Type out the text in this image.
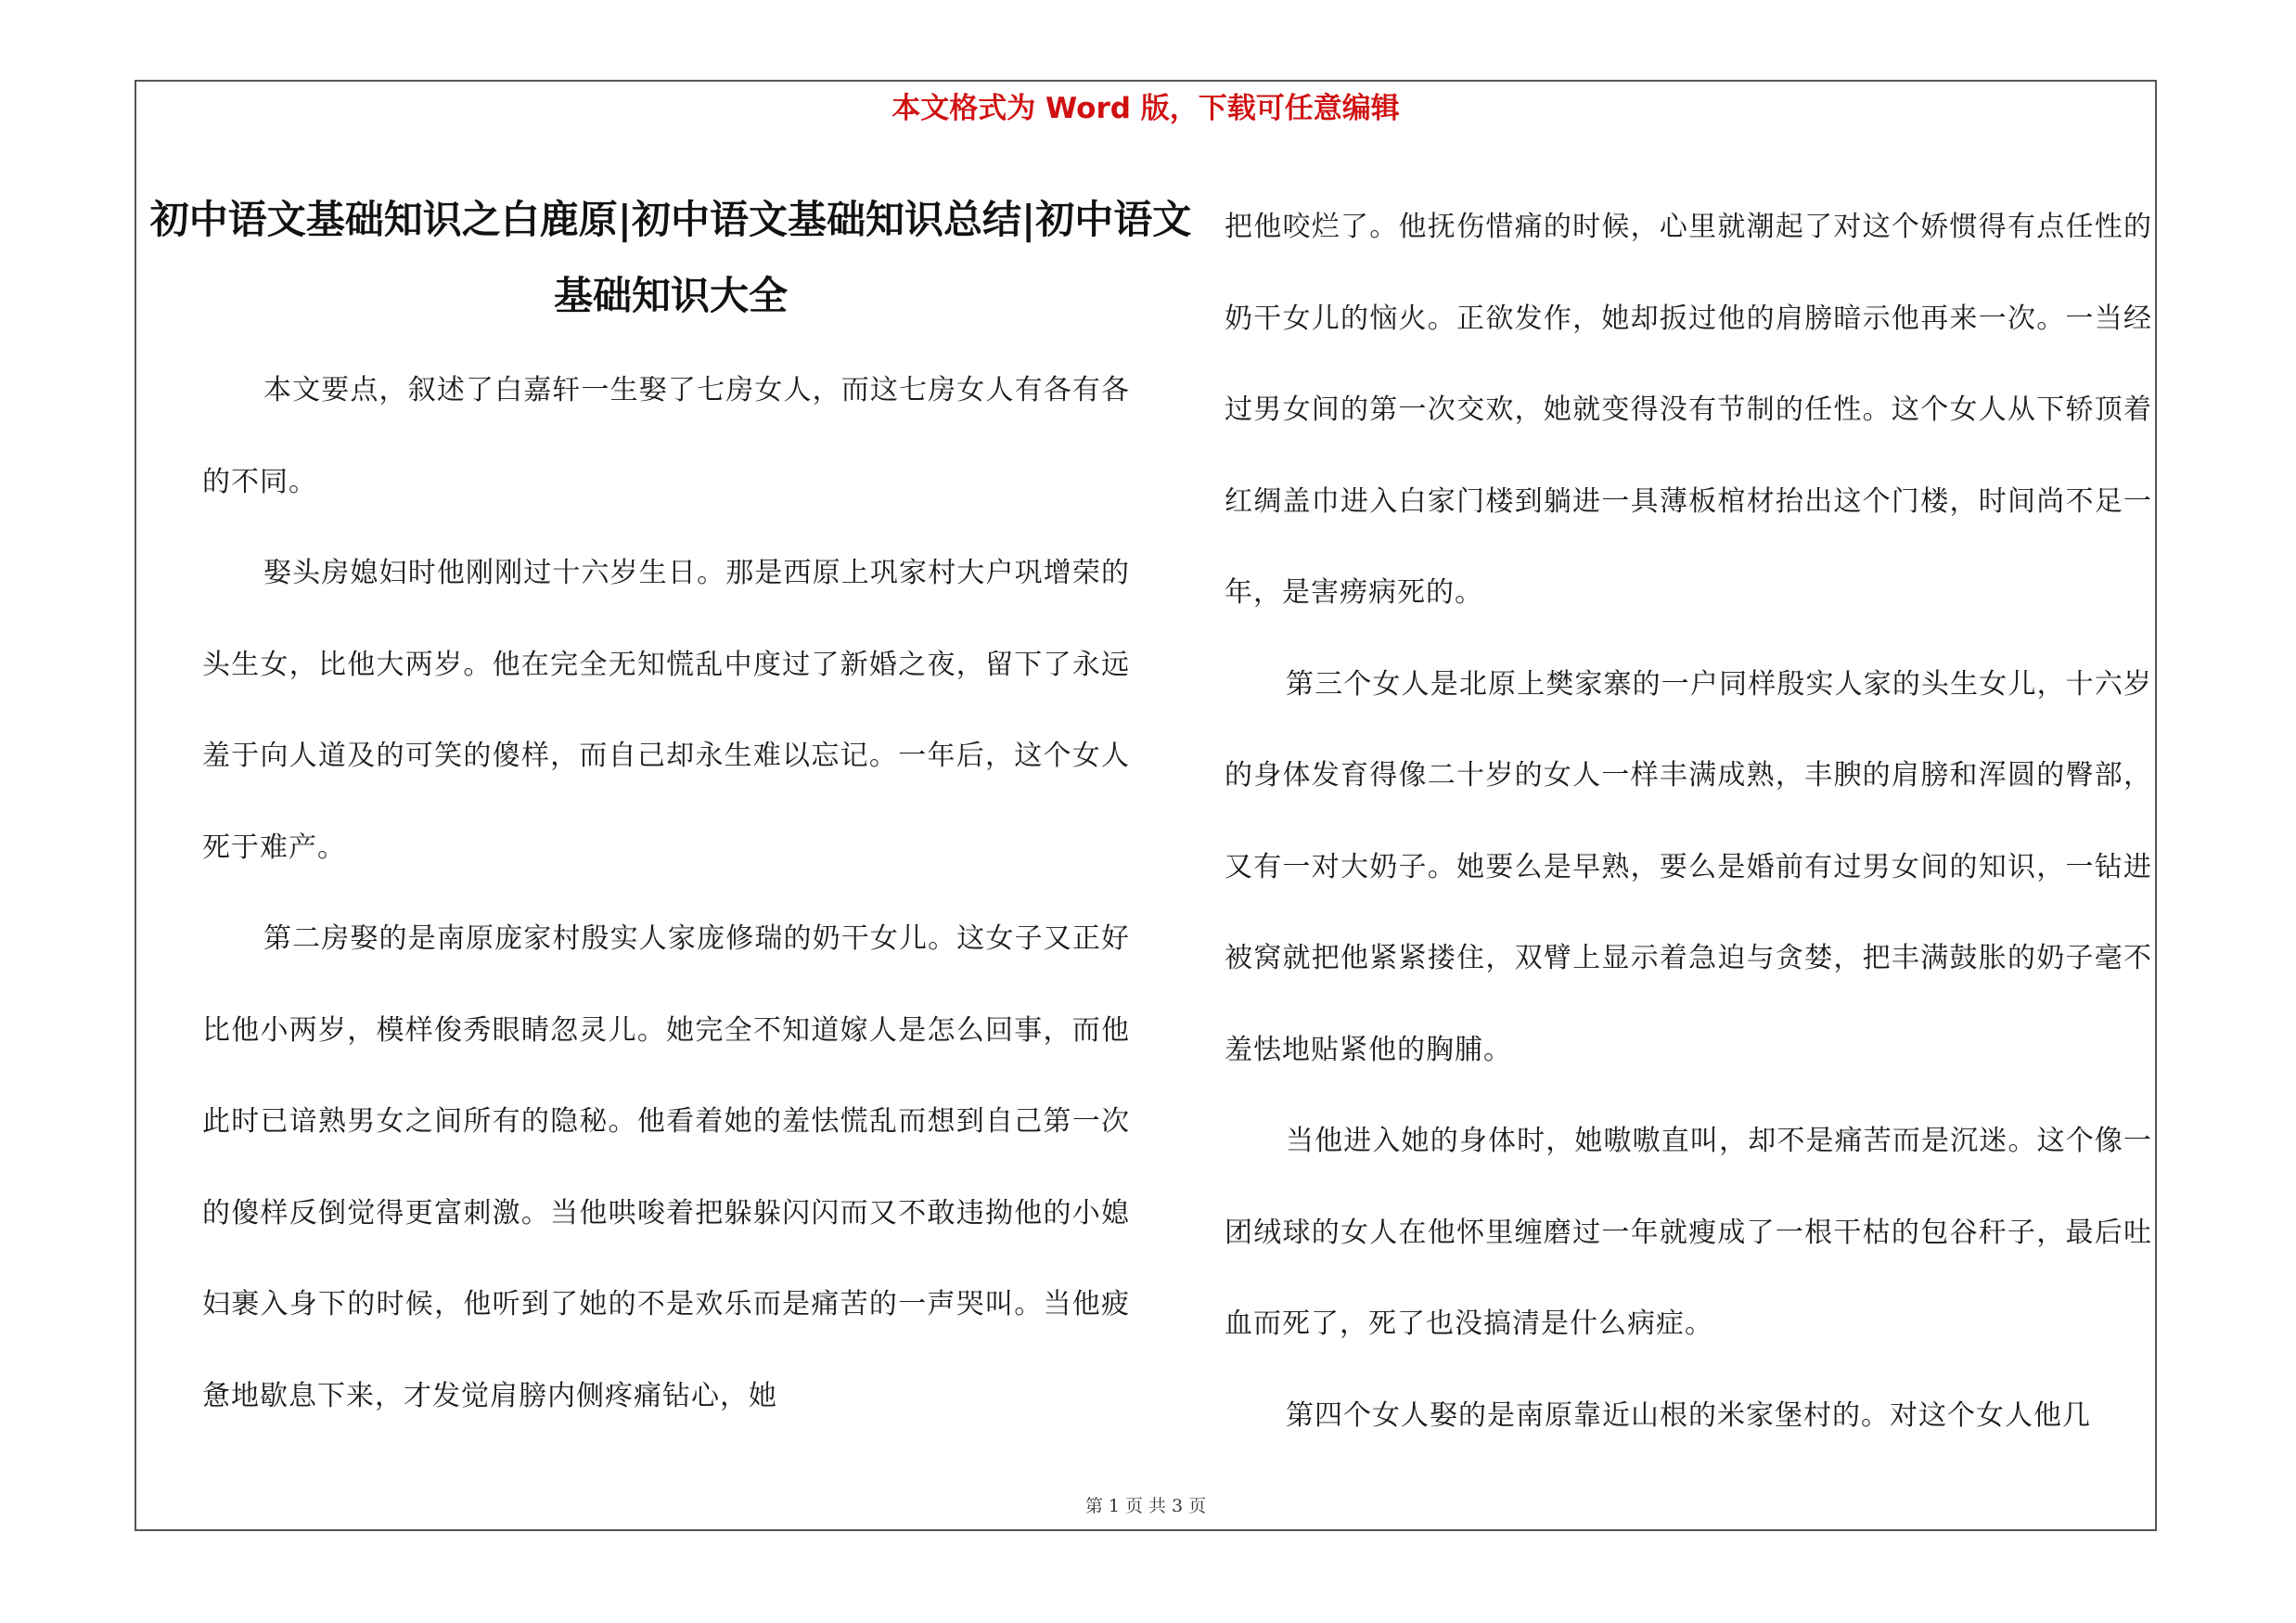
本文格式为 Word 版，下载可任意编辑
初中语文基础知识之白鹿原|初中语文基础知识总结|初中语文基础知识大全

本文要点，叙述了白嘉轩一生娶了七房女人，而这七房女人有各有各的不同。

娶头房媳妇时他刚刚过十六岁生日。那是西原上巩家村大户巩增荣的头生女，比他大两岁。他在完全无知慌乱中度过了新婚之夜，留下了永远羞于向人道及的可笑的傻样，而自己却永生难以忘记。一年后，这个女人死于难产。

第二房娶的是南原庞家村殷实人家庞修瑞的奶干女儿。这女子又正好比他小两岁，模样俊秀眼睛忽灵儿。她完全不知道嫁人是怎么回事，而他此时已谙熟男女之间所有的隐秘。他看着她的羞怯慌乱而想到自己第一次的傻样反倒觉得更富刺激。当他哄唆着把躲躲闪闪而又不敢违拗他的小媳妇裹入身下的时候，他听到了她的不是欢乐而是痛苦的一声哭叫。当他疲惫地歇息下来，才发觉肩膀内侧疼痛钻心，她

把他咬烂了。他抚伤惜痛的时候，心里就潮起了对这个娇惯得有点任性的奶干女儿的恼火。正欲发作，她却扳过他的肩膀暗示他再来一次。一当经过男女间的第一次交欢，她就变得没有节制的任性。这个女人从下轿顶着红绸盖巾进入白家门楼到躺进一具薄板棺材抬出这个门楼，时间尚不足一年，是害痨病死的。

第三个女人是北原上樊家寨的一户同样殷实人家的头生女儿，十六岁的身体发育得像二十岁的女人一样丰满成熟，丰腴的肩膀和浑圆的臀部，又有一对大奶子。她要么是早熟，要么是婚前有过男女间的知识，一钻进被窝就把他紧紧搂住，双臂上显示着急迫与贪婪，把丰满鼓胀的奶子毫不羞怯地贴紧他的胸脯。

当他进入她的身体时，她嗷嗷直叫，却不是痛苦而是沉迷。这个像一团绒球的女人在他怀里缠磨过一年就瘦成了一根干枯的包谷秆子，最后吐血而死了，死了也没搞清是什么病症。

第四个女人娶的是南原靠近山根的米家堡村的。对这个女人他几

第 1 页 共 3 页
